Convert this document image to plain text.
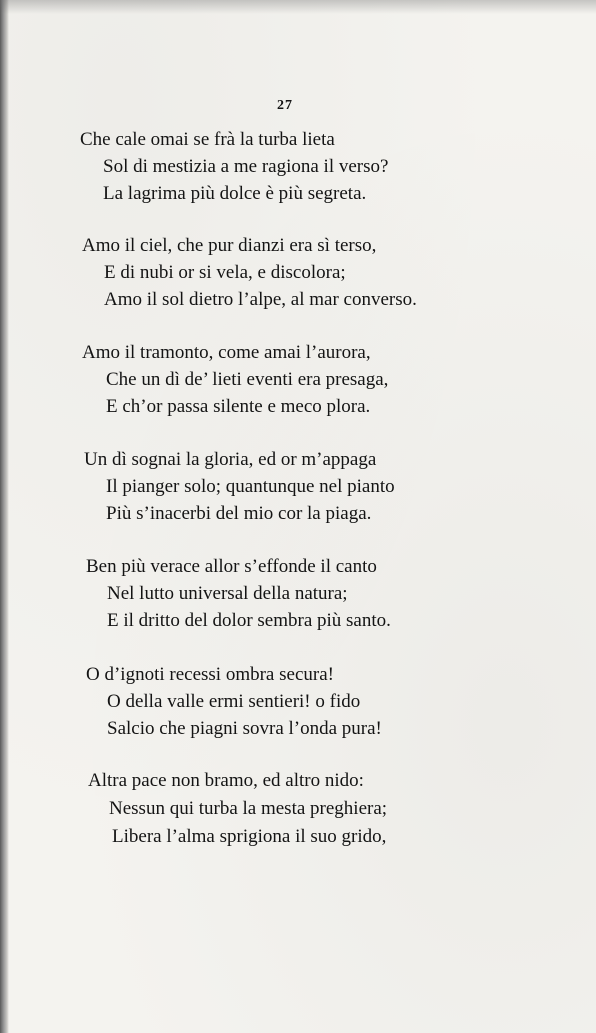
27
Che cale omai se frà la turba lieta
Sol di mestizia a me ragiona il verso?
La lagrima più dolce è più segreta.
Amo il ciel, che pur dianzi era sì terso,
E di nubi or si vela, e discolora;
Amo il sol dietro l’alpe, al mar converso.
Amo il tramonto, come amai l’aurora,
Che un dì de’ lieti eventi era presaga,
E ch’or passa silente e meco plora.
Un dì sognai la gloria, ed or m’appaga
Il pianger solo; quantunque nel pianto
Più s’inacerbi del mio cor la piaga.
Ben più verace allor s’effonde il canto
Nel lutto universal della natura;
E il dritto del dolor sembra più santo.
O d’ignoti recessi ombra secura!
O della valle ermi sentieri! o fido
Salcio che piagni sovra l’onda pura!
Altra pace non bramo, ed altro nido:
Nessun qui turba la mesta preghiera;
Libera l’alma sprigiona il suo grido,
